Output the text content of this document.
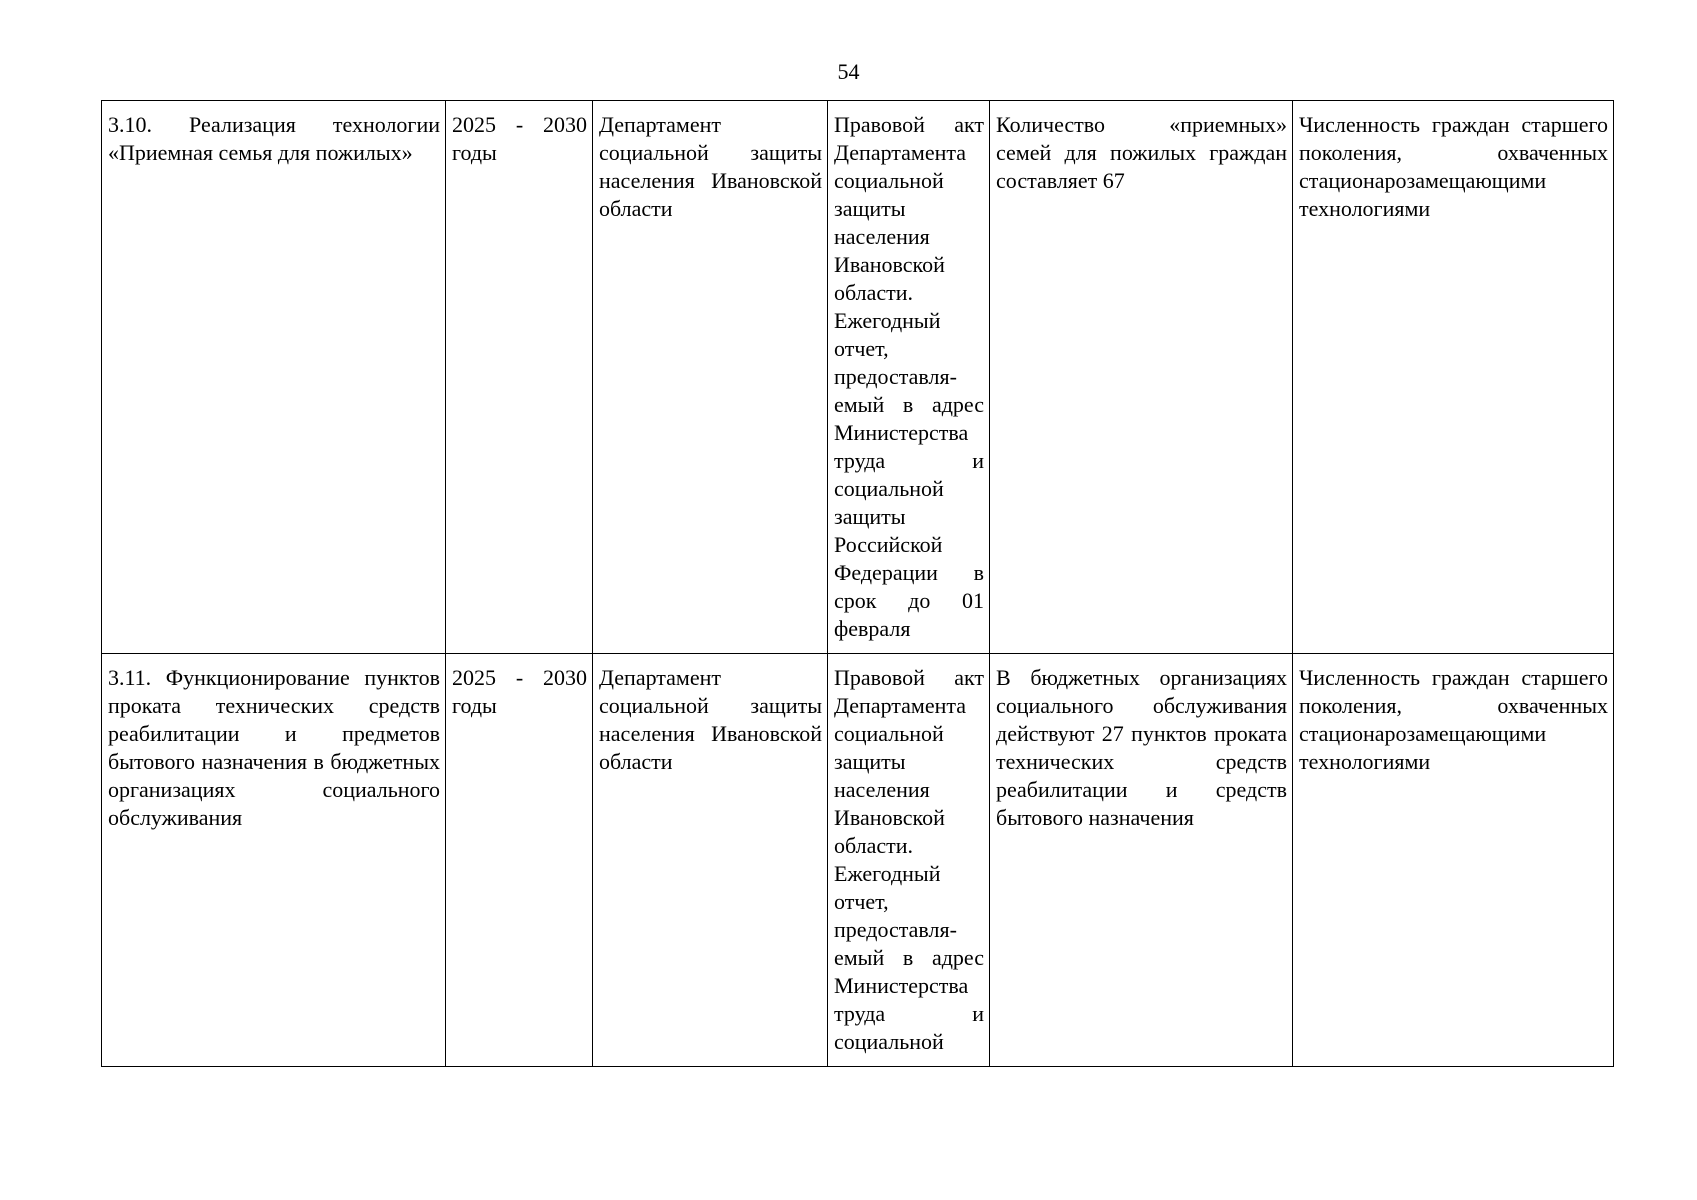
54
3.10. Реализация технологии «Приемная семья для пожилых»	2025 - 2030 годы	Департамент социальной защиты населения Ивановской области	Правовой акт Департамента социальной защиты населения Ивановской области. Ежегодный отчет, предоставля-емый в адрес Министерства труда и социальной защиты Российской Федерации в срок до 01 февраля	Количество «приемных» семей для пожилых граждан составляет 67	Численность граждан старшего поколения, охваченных стационарозамещающими технологиями

3.11. Функционирование пунктов проката технических средств реабилитации и предметов бытового назначения в бюджетных организациях социального обслуживания	2025 - 2030 годы	Департамент социальной защиты населения Ивановской области	Правовой акт Департамента социальной защиты населения Ивановской области. Ежегодный отчет, предоставля-емый в адрес Министерства труда и социальной	В бюджетных организациях социального обслуживания действуют 27 пунктов проката технических средств реабилитации и средств бытового назначения	Численность граждан старшего поколения, охваченных стационарозамещающими технологиями
